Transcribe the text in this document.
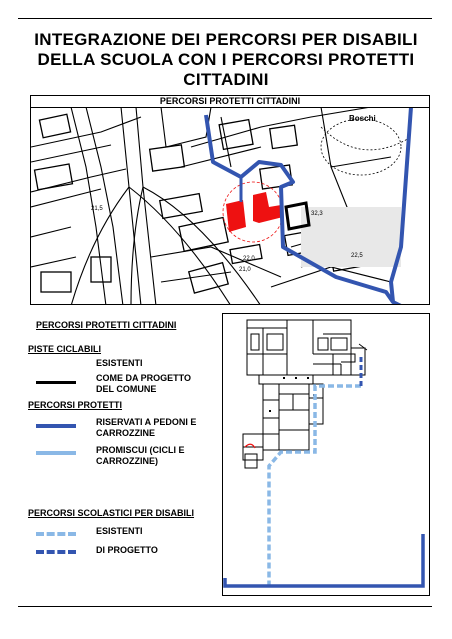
INTEGRAZIONE DEI PERCORSI PER DISABILI
DELLA SCUOLA CON I PERCORSI PROTETTI
CITTADINI
PERCORSI PROTETTI CITTADINI
Boschi
21,5
22,0
32,3
21,0
22,5
PERCORSI PROTETTI CITTADINI
PISTE CICLABILI
ESISTENTI
COME DA PROGETTO
DEL COMUNE
PERCORSI PROTETTI
RISERVATI A PEDONI E
CARROZZINE
PROMISCUI (CICLI E
CARROZZINE)
PERCORSI SCOLASTICI PER DISABILI
ESISTENTI
DI PROGETTO
